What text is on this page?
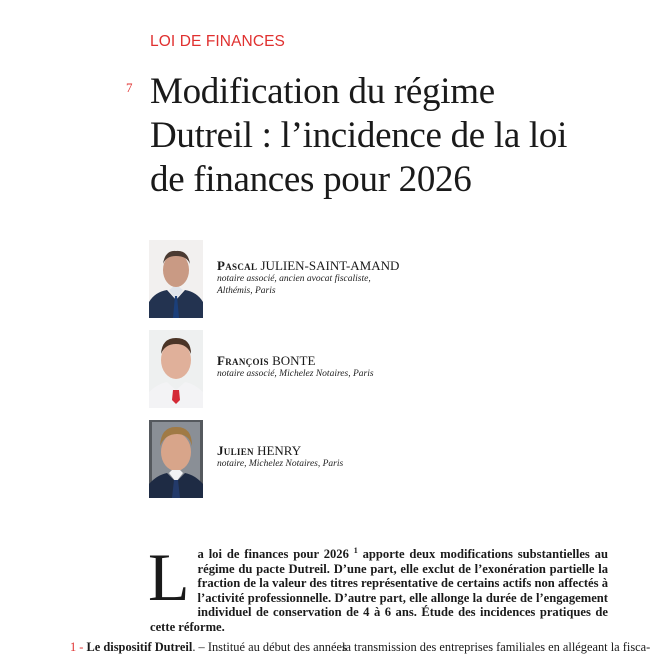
LOI DE FINANCES
7 Modification du régime Dutreil : l’incidence de la loi de finances pour 2026
Pascal JULIEN-SAINT-AMAND
notaire associé, ancien avocat fiscaliste,
Althémis, Paris
François BONTE
notaire associé, Michelez Notaires, Paris
Julien HENRY
notaire, Michelez Notaires, Paris
La loi de finances pour 2026 $^1$ apporte deux modifications substantielles au régime du pacte Dutreil. D’une part, elle exclut de l’exonération partielle la fraction de la valeur des titres représentative de certains actifs non affectés à l’activité professionnelle. D’autre part, elle allonge la durée de l’engagement individuel de conservation de 4 à 6 ans. Étude des incidences pratiques de cette réforme.
1 - Le dispositif Dutreil. – Institué au début des années
la transmission des entreprises familiales en allégeant la fisca-
